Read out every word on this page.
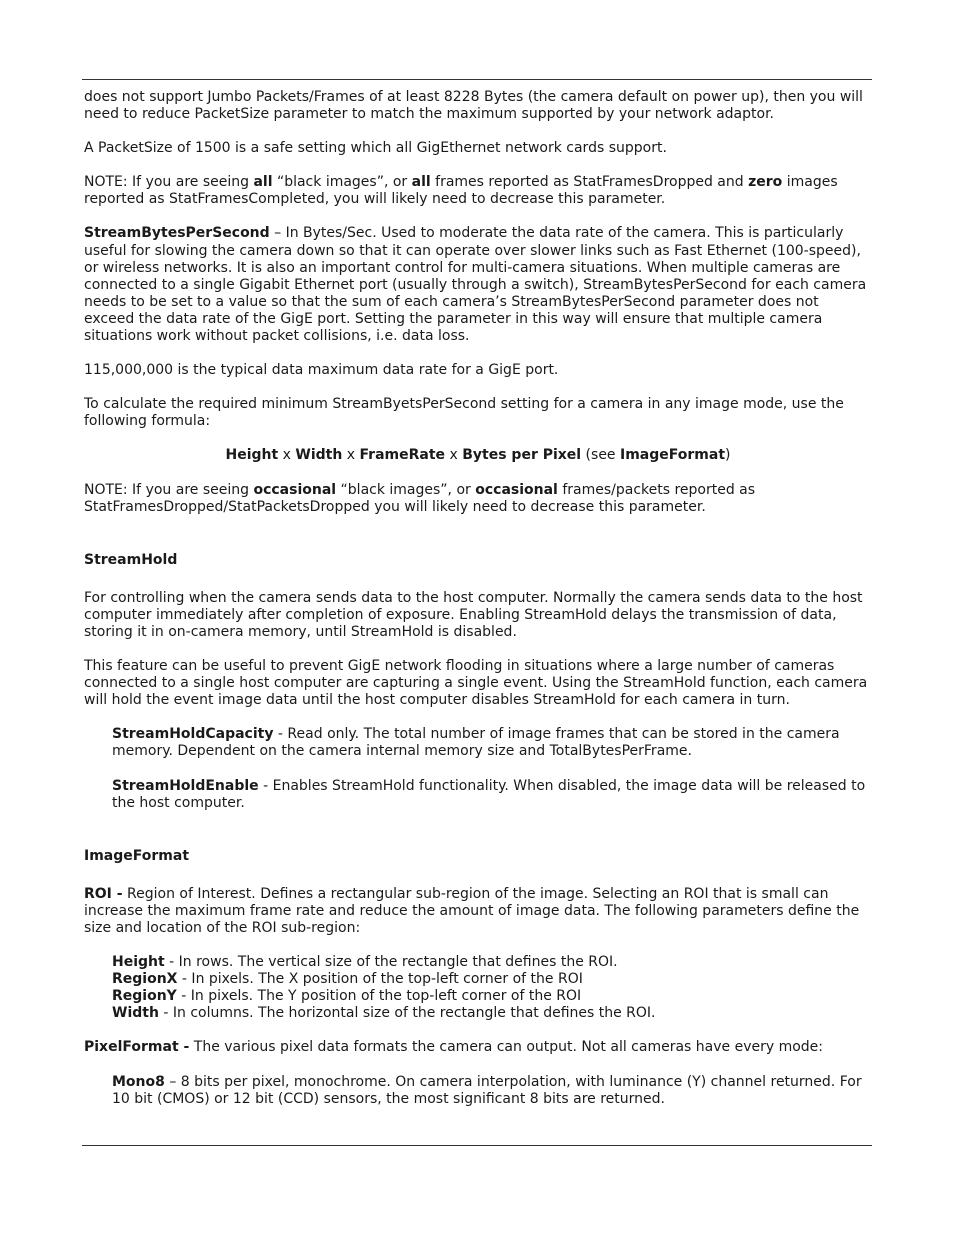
does not support Jumbo Packets/Frames of at least 8228 Bytes (the camera default on power up), then you will need to reduce PacketSize parameter to match the maximum supported by your network adaptor.

A PacketSize of 1500 is a safe setting which all GigEthernet network cards support.

NOTE: If you are seeing all “black images”, or all frames reported as StatFramesDropped and zero images reported as StatFramesCompleted, you will likely need to decrease this parameter.

StreamBytesPerSecond – In Bytes/Sec. Used to moderate the data rate of the camera. This is particularly useful for slowing the camera down so that it can operate over slower links such as Fast Ethernet (100-speed), or wireless networks. It is also an important control for multi-camera situations. When multiple cameras are connected to a single Gigabit Ethernet port (usually through a switch), StreamBytesPerSecond for each camera needs to be set to a value so that the sum of each camera’s StreamBytesPerSecond parameter does not exceed the data rate of the GigE port. Setting the parameter in this way will ensure that multiple camera situations work without packet collisions, i.e. data loss.

115,000,000 is the typical data maximum data rate for a GigE port.

To calculate the required minimum StreamByetsPerSecond setting for a camera in any image mode, use the following formula:

Height x Width x FrameRate x Bytes per Pixel (see ImageFormat)

NOTE: If you are seeing occasional “black images”, or occasional frames/packets reported as StatFramesDropped/StatPacketsDropped you will likely need to decrease this parameter.

StreamHold

For controlling when the camera sends data to the host computer. Normally the camera sends data to the host computer immediately after completion of exposure. Enabling StreamHold delays the transmission of data, storing it in on-camera memory, until StreamHold is disabled.

This feature can be useful to prevent GigE network flooding in situations where a large number of cameras connected to a single host computer are capturing a single event. Using the StreamHold function, each camera will hold the event image data until the host computer disables StreamHold for each camera in turn.

StreamHoldCapacity - Read only. The total number of image frames that can be stored in the camera memory. Dependent on the camera internal memory size and TotalBytesPerFrame.

StreamHoldEnable - Enables StreamHold functionality. When disabled, the image data will be released to the host computer.

ImageFormat

ROI - Region of Interest. Defines a rectangular sub-region of the image. Selecting an ROI that is small can increase the maximum frame rate and reduce the amount of image data. The following parameters define the size and location of the ROI sub-region:

Height - In rows. The vertical size of the rectangle that defines the ROI.

RegionX - In pixels. The X position of the top-left corner of the ROI

RegionY - In pixels. The Y position of the top-left corner of the ROI

Width - In columns. The horizontal size of the rectangle that defines the ROI.

PixelFormat - The various pixel data formats the camera can output. Not all cameras have every mode:

Mono8 – 8 bits per pixel, monochrome. On camera interpolation, with luminance (Y) channel returned. For 10 bit (CMOS) or 12 bit (CCD) sensors, the most significant 8 bits are returned.
